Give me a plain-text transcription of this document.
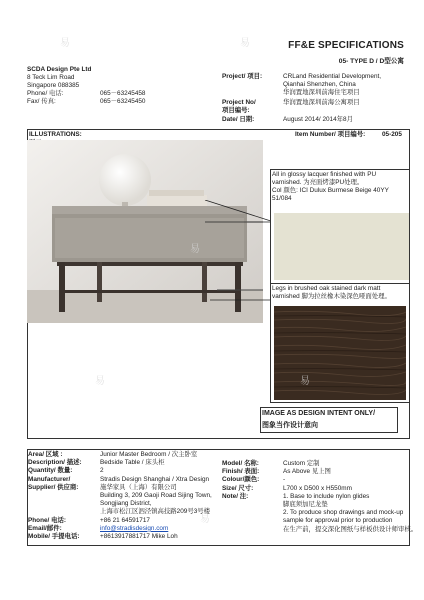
FF&E SPECIFICATIONS
05- TYPE D / D型公寓
SCDA Design Pte Ltd
8 Teck Lim Road
Singapore 088385
Phone/ 电话:	065－63245458
Fax/ 传真:	065－63245450
Project/ 项目:	CRLand Residential Development,
Qianhai Shenzhen, China
华润置地深圳前海住宅项目
Project No/
项目编号:
华润置地深圳前海公寓项目
Date/ 日期:	August 2014/ 2014年8月
ILLUSTRATIONS:	Item Number/ 项目编号:	05-205
All in glossy lacquer finished with PU
varnished. 为亮面烤漆PU处理。
Col 颜色: ICI Dulux Burmese Beige 40YY
51/084
Legs in brushed oak stained dark matt
varnished 脚为拉丝橡木染深色哑面处理。
IMAGE AS DESIGN INTENT ONLY/
图象当作设计意向
Area/ 区域 :	Junior Master Bedroom / 次主卧室
Description/ 描述:	Bedside Table / 床头柜
Quantity/ 数量:	2
Manufacturer/	Stradis Design Shanghai / Xtra Design
Supplier/ 供应商:	施华家具（上海）有限公司
Building 3, 209 Gaoji Road Sijing Town,
Songjiang District,
上海市松江区泗泾镇高技路209号3号楼
Phone/ 电话:	+86 21 64591717
Email/邮件:	info@stradisdesign.com
Mobile/ 手提电话:	+8613917881717 Mike Loh
Model/ 名称:	Custom 定制
Finish/ 表面:	As Above 见上图
Colour/颜色:	-
Size/ 尺寸:	L700 x D500 x H550mm
Note/ 注:	1. Base to include nylon glides
脚底须加尼龙垫
2. To produce shop drawings and mock-up
sample for approval prior to production
在生产前，提交深化图纸与样板供设计师审核。
易	易
易
易	易
易
